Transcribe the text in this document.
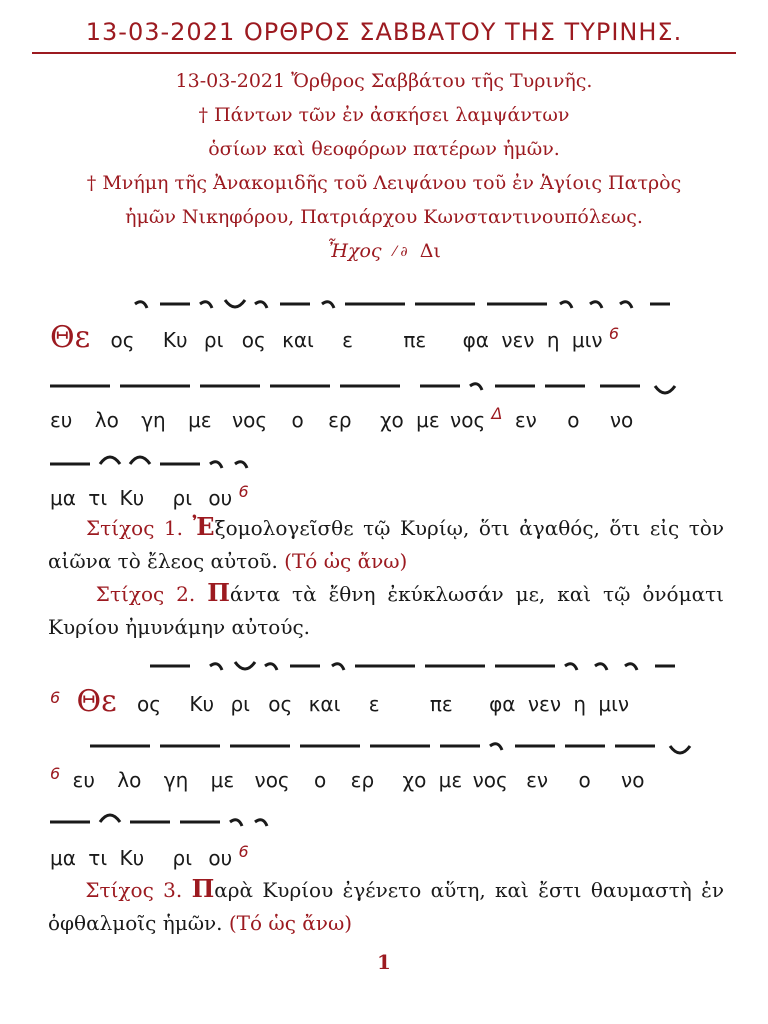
13-03-2021 ΟΡΘΡΟΣ ΣΑΒΒΑΤΟΥ ΤΗΣ ΤΥΡΙΝΗΣ.
13-03-2021 Ὄρθρος Σαββάτου τῆς Τυρινῆς.
† Πάντων τῶν ἐν ἀσκήσει λαμψάντων
ὁσίων καὶ θεοφόρων πατέρων ἡμῶν.
† Μνήμη τῆς Ἀνακομιδῆς τοῦ Λειψάνου τοῦ ἐν Ἁγίοις Πατρὸς
ἡμῶν Νικηφόρου, Πατριάρχου Κωνσταντινουπόλεως.
Ἦχος ⁄ ∂ Δι
Θε ος Κυ ρι ος και ε	πε φα νεν η μιν 6
ευ λο γη με νος ο ερ χο με νος Δ εν ο νο
μα τι Κυ ρι ου 6
Στίχος 1. Ἐξομολογεῖσθε τῷ Κυρίῳ, ὅτι ἀγαθός, ὅτι εἰς τὸν αἰῶνα τὸ ἔλεος αὐτοῦ. (Τό ὡς ἄνω)
Στίχος 2. Πάντα τὰ ἔθνη ἐκύκλωσάν με, καὶ τῷ ὀνόματι Κυρίου ἠμυνάμην αὐτούς.
6 Θε ος Κυ ρι ος και ε	πε φα νεν η μιν
6 ευ λο γη με νος ο ερ χο με νος εν ο νο
μα τι Κυ ρι ου 6
Στίχος 3. Παρὰ Κυρίου ἐγένετο αὕτη, καὶ ἔστι θαυμαστὴ ἐν ὀφθαλμοῖς ἡμῶν. (Τό ὡς ἄνω)
1
